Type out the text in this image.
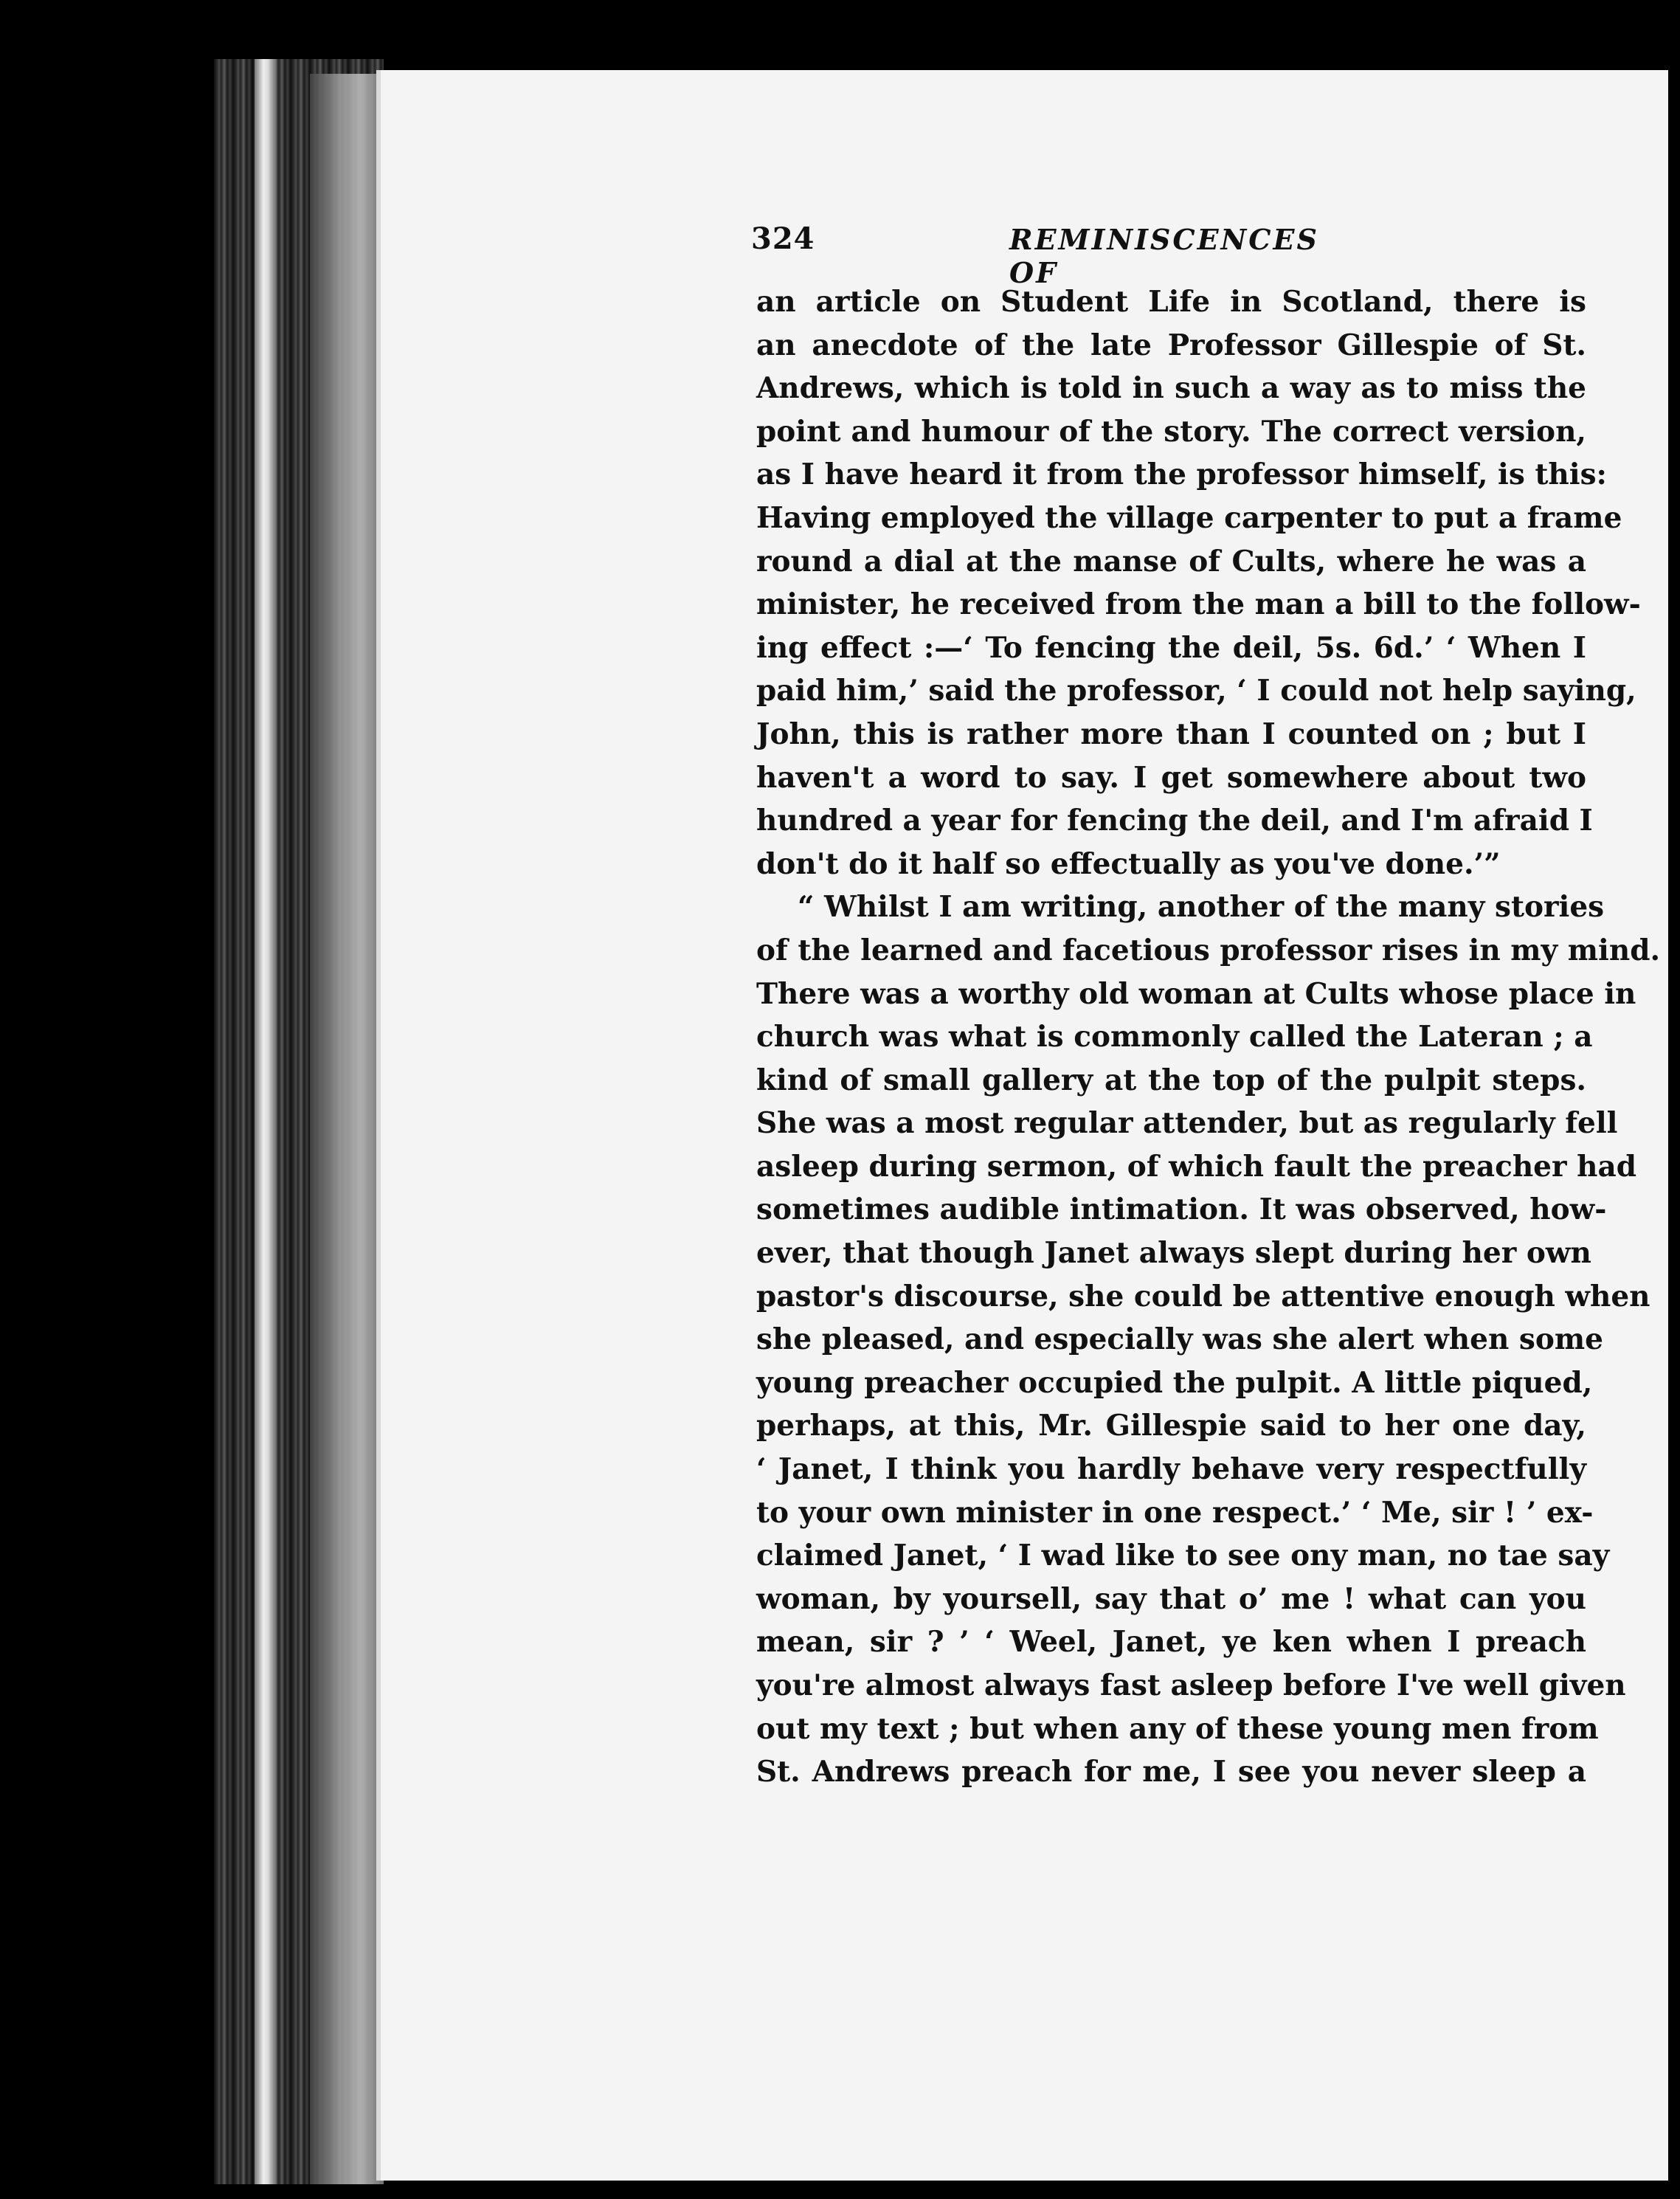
324	REMINISCENCES OF
an article on Student Life in Scotland, there is
an anecdote of the late Professor Gillespie of St.
Andrews, which is told in such a way as to miss the
point and humour of the story. The correct version,
as I have heard it from the professor himself, is this:
Having employed the village carpenter to put a frame
round a dial at the manse of Cults, where he was a
minister, he received from the man a bill to the follow-
ing effect :—‘ To fencing the deil, 5s. 6d.’ ‘ When I
paid him,’ said the professor, ‘ I could not help saying,
John, this is rather more than I counted on ; but I
haven't a word to say. I get somewhere about two
hundred a year for fencing the deil, and I'm afraid I
don't do it half so effectually as you've done.’”
“ Whilst I am writing, another of the many stories
of the learned and facetious professor rises in my mind.
There was a worthy old woman at Cults whose place in
church was what is commonly called the Lateran ; a
kind of small gallery at the top of the pulpit steps.
She was a most regular attender, but as regularly fell
asleep during sermon, of which fault the preacher had
sometimes audible intimation. It was observed, how-
ever, that though Janet always slept during her own
pastor's discourse, she could be attentive enough when
she pleased, and especially was she alert when some
young preacher occupied the pulpit. A little piqued,
perhaps, at this, Mr. Gillespie said to her one day,
‘ Janet, I think you hardly behave very respectfully
to your own minister in one respect.’ ‘ Me, sir ! ’ ex-
claimed Janet, ‘ I wad like to see ony man, no tae say
woman, by yoursell, say that o’ me ! what can you
mean, sir ? ’ ‘ Weel, Janet, ye ken when I preach
you're almost always fast asleep before I've well given
out my text ; but when any of these young men from
St. Andrews preach for me, I see you never sleep a
